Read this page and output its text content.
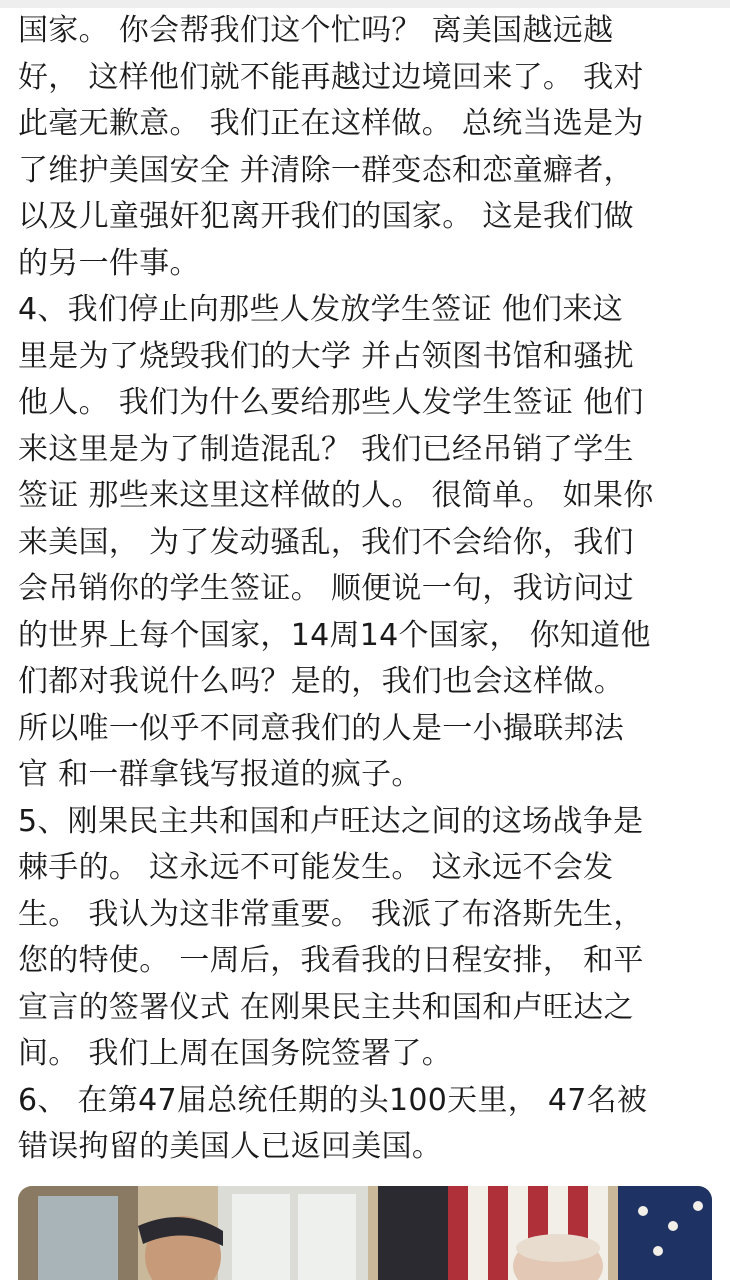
国家。 你会帮我们这个忙吗？ 离美国越远越
好， 这样他们就不能再越过边境回来了。 我对
此毫无歉意。 我们正在这样做。 总统当选是为
了维护美国安全 并清除一群变态和恋童癖者，
以及儿童强奸犯离开我们的国家。 这是我们做
的另一件事。
4、我们停止向那些人发放学生签证 他们来这
里是为了烧毁我们的大学 并占领图书馆和骚扰
他人。 我们为什么要给那些人发学生签证 他们
来这里是为了制造混乱？ 我们已经吊销了学生
签证 那些来这里这样做的人。 很简单。 如果你
来美国， 为了发动骚乱，我们不会给你，我们
会吊销你的学生签证。 顺便说一句，我访问过
的世界上每个国家，14周14个国家， 你知道他
们都对我说什么吗？是的，我们也会这样做。
所以唯一似乎不同意我们的人是一小撮联邦法
官 和一群拿钱写报道的疯子。
5、刚果民主共和国和卢旺达之间的这场战争是
棘手的。 这永远不可能发生。 这永远不会发
生。 我认为这非常重要。 我派了布洛斯先生，
您的特使。 一周后，我看我的日程安排， 和平
宣言的签署仪式 在刚果民主共和国和卢旺达之
间。 我们上周在国务院签署了。
6、 在第47届总统任期的头100天里， 47名被
错误拘留的美国人已返回美国。
